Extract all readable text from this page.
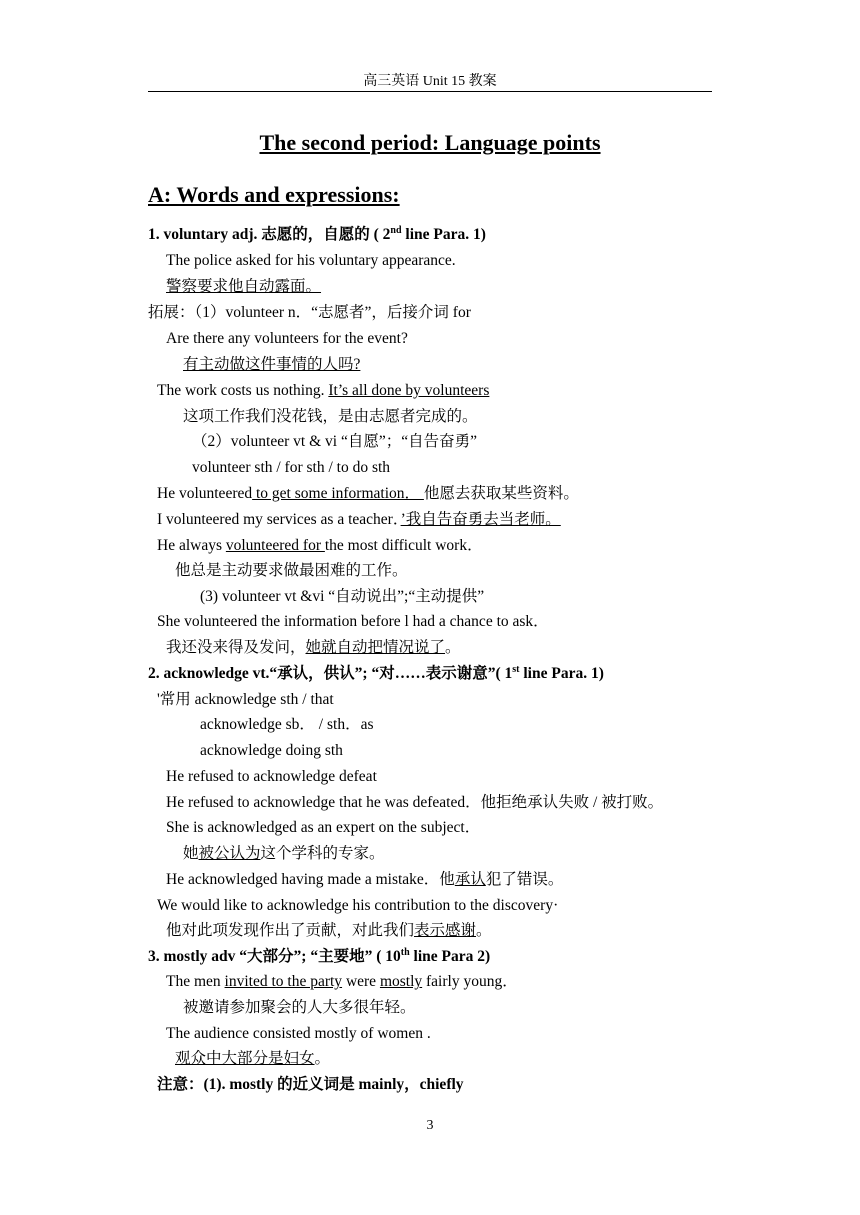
高三英语 Unit 15 教案
The second period: Language points
A: Words and expressions:
1. voluntary adj. 志愿的，自愿的 ( 2nd line Para. 1)
The police asked for his voluntary appearance.
警察要求他自动露面。
拓展：（1）volunteer n．“志愿者”，后接介词 for
Are there any volunteers for the event?
有主动做这件事情的人吗?
The work costs us nothing. It’s all done by volunteers
这项工作我们没花钱，是由志愿者完成的。
（2）volunteer vt & vi “自愿”；“自告奋勇”
volunteer sth / for sth / to do sth
He volunteered to get some information． 他愿去获取某些资料。
I volunteered my services as a teacher．’我自告奋勇去当老师。
He always volunteered for the most difficult work．
他总是主动要求做最困难的工作。
(3) volunteer vt &vi “自动说出”;“主动提供”
She volunteered the information before l had a chance to ask．
我还没来得及发问，她就自动把情况说了。
2. acknowledge vt.“承认，供认”; “对……表示谢意”( 1st line Para. 1)
'常用 acknowledge sth / that
acknowledge sb． / sth．as
acknowledge doing sth
He refused to acknowledge defeat
He refused to acknowledge that he was defeated．他拒绝承认失败 / 被打败。
She is acknowledged as an expert on the subject．
她被公认为这个学科的专家。
He acknowledged having made a mistake．他承认犯了错误。
We would like to acknowledge his contribution to the discovery·
他对此项发现作出了贡献，对此我们表示感谢。
3. mostly adv “大部分”; “主要地” ( 10th line Para 2)
The men invited to the party were mostly fairly young．
被邀请参加聚会的人大多很年轻。
The audience consisted mostly of women .
观众中大部分是妇女。
注意：(1). mostly 的近义词是 mainly，chiefly
3
